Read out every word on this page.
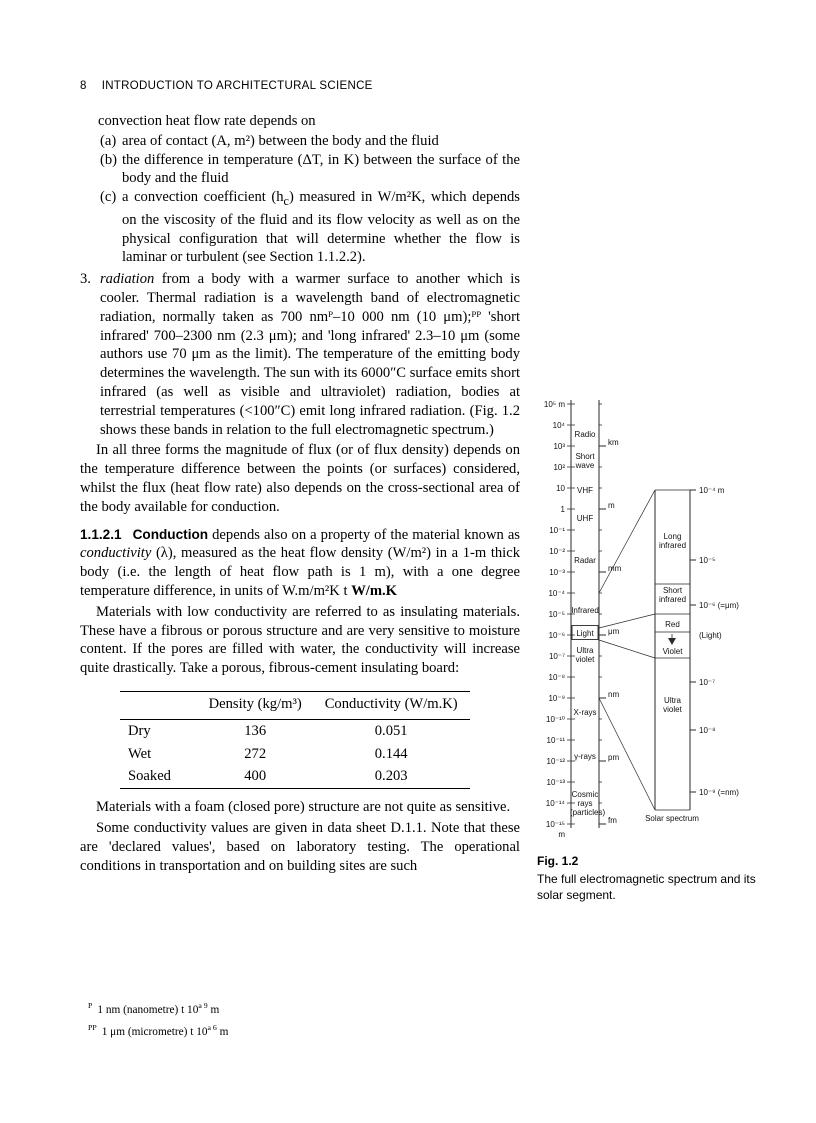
8 INTRODUCTION TO ARCHITECTURAL SCIENCE

convection heat flow rate depends on

(a) area of contact (A, m²) between the body and the fluid
(b) the difference in temperature (ΔT, in K) between the surface of the body and the fluid
(c) a convection coefficient $(h_c)$ measured in W/m²K, which depends on the viscosity of the fluid and its flow velocity as well as on the physical configuration that will determine whether the flow is laminar or turbulent (see Section 1.1.2.2).
3. radiation from a body with a warmer surface to another which is cooler. Thermal radiation is a wavelength band of electromagnetic radiation, normally taken as 700 nmᴾ–10 000 nm (10 μm);ᴾᴾ 'short infrared' 700–2300 nm (2.3 μm); and 'long infrared' 2.3–10 μm (some authors use 70 μm as the limit). The temperature of the emitting body determines the wavelength. The sun with its 6000″C surface emits short infrared (as well as visible and ultraviolet) radiation, bodies at terrestrial temperatures (<100″C) emit long infrared radiation. (Fig. 1.2 shows these bands in relation to the full electromagnetic spectrum.)

In all three forms the magnitude of flux (or of flux density) depends on the temperature difference between the points (or surfaces) considered, whilst the flux (heat flow rate) also depends on the cross-sectional area of the body available for conduction.

1.1.2.1 Conduction depends also on a property of the material known as conductivity (λ), measured as the heat flow density (W/m²) in a 1-m thick body (i.e. the length of heat flow path is 1 m), with a one degree temperature difference, in units of W.m/m²K t W/m.K

Materials with low conductivity are referred to as insulating materials. These have a fibrous or porous structure and are very sensitive to moisture content. If the pores are filled with water, the conductivity will increase quite drastically. Take a porous, fibrous-cement insulating board:

	Density (kg/m³)	Conductivity (W/m.K)
Dry	136	0.051
Wet	272	0.144
Soaked	400	0.203

Materials with a foam (closed pore) structure are not quite as sensitive.

Some conductivity values are given in data sheet D.1.1. Note that these are 'declared values', based on laboratory testing. The operational conditions in transportation and on building sites are such

10⁵ m
10⁴
10³
10²
10
1
10⁻¹
10⁻²
10⁻³
10⁻⁴
10⁻⁵
10⁻⁶
10⁻⁷
10⁻⁸
10⁻⁹
10⁻¹⁰
10⁻¹¹
10⁻¹²
10⁻¹³
10⁻¹⁴
10⁻¹⁵
m
Radio
Short wave
VHF
UHF
Radar
Infrared
Light
Ultra violet
X-rays
γ-rays
Cosmic rays (particles)
km
m
mm
μm
nm
pm
fm
Long infrared
Short infrared
Red
Violet
Ultra violet
Solar spectrum
10⁻⁴ m
10⁻⁵
10⁻⁶ (=μm)
(Light)
10⁻⁷
10⁻⁸
10⁻⁹ (=nm)
Fig. 1.2
The full electromagnetic spectrum and its solar segment.
$^P$ 1 nm (nanometre) t $10^{a 9}$ m
$^{PP}$ 1 μm (micrometre) t $10^{a 6}$ m
